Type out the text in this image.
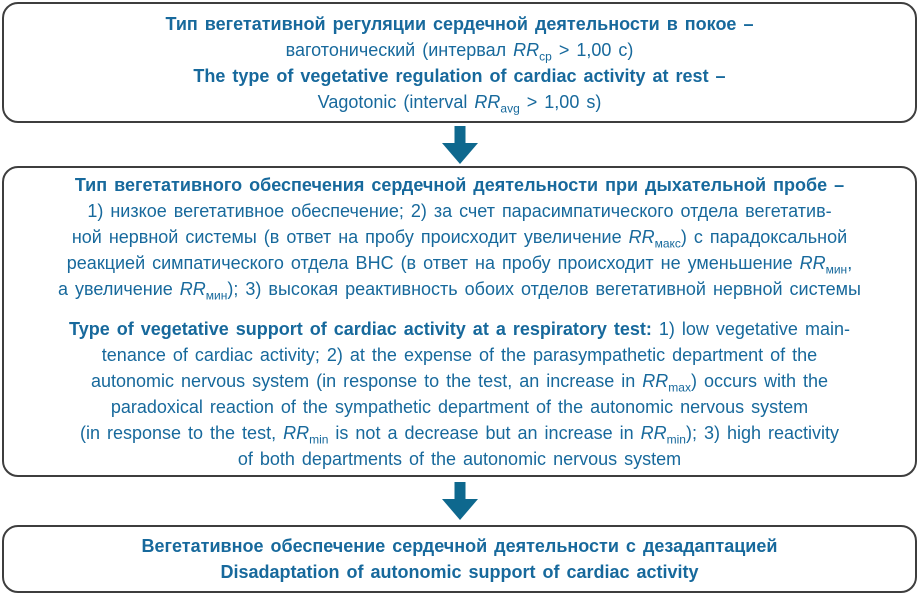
Тип вегетативной регуляции сердечной деятельности в покое –
ваготонический (интервал $RR_{ср} > 1,00$ с)
The type of vegetative regulation of cardiac activity at rest –
Vagotonic (interval $RR_{avg} > 1,00$ s)
Тип вегетативного обеспечения сердечной деятельности при дыхательной пробе –
1) низкое вегетативное обеспечение; 2) за счет парасимпатического отдела вегетатив-
ной нервной системы (в ответ на пробу происходит увеличение $RR_{макс}$) с парадоксальной
реакцией симпатического отдела ВНС (в ответ на пробу происходит не уменьшение $RR_{мин}$,
а увеличение $RR_{мин}$); 3) высокая реактивность обоих отделов вегетативной нервной системы
Type of vegetative support of cardiac activity at a respiratory test: 1) low vegetative main-
tenance of cardiac activity; 2) at the expense of the parasympathetic department of the
autonomic nervous system (in response to the test, an increase in $RR_{max}$) occurs with the
paradoxical reaction of the sympathetic department of the autonomic nervous system
(in response to the test, $RR_{min}$ is not a decrease but an increase in $RR_{min}$); 3) high reactivity
of both departments of the autonomic nervous system
Вегетативное обеспечение сердечной деятельности с дезадаптацией
Disadaptation of autonomic support of cardiac activity
